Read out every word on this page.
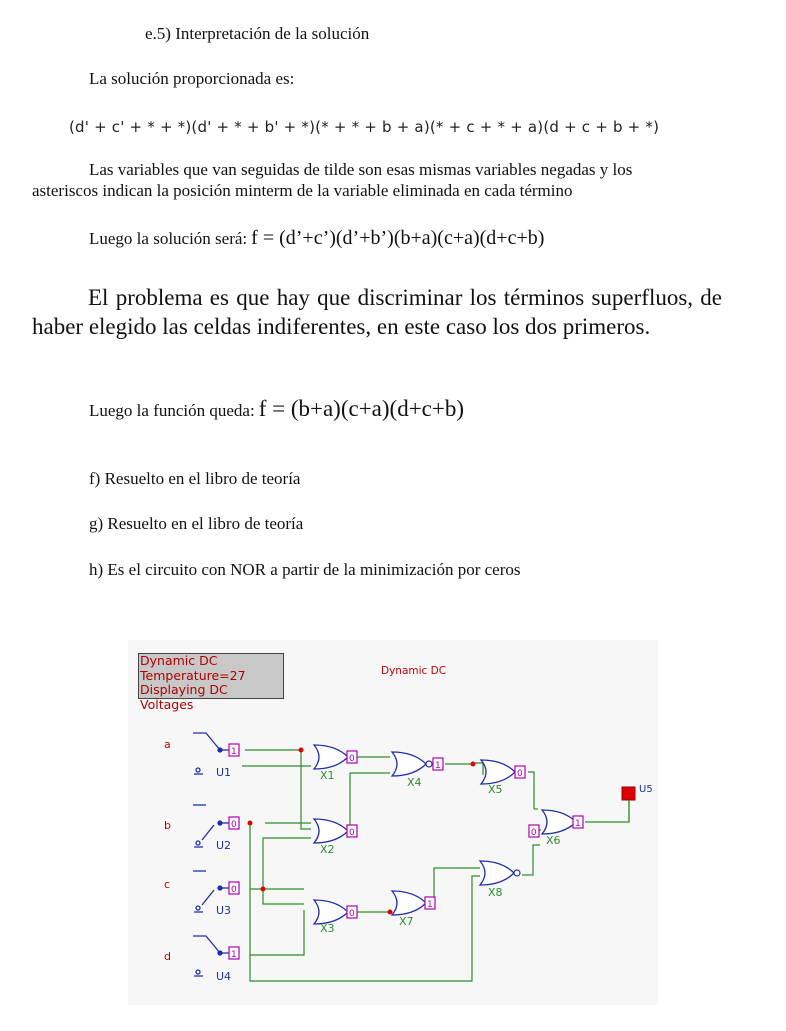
e.5) Interpretación de la solución
La solución proporcionada es:
(d' + c' + * + *)(d' + * + b' + *)(* + * + b + a)(* + c + * + a)(d + c + b + *)
Las variables que van seguidas de tilde son esas mismas variables negadas y los
asteriscos indican la posición minterm de la variable eliminada en cada término
Luego la solución será: f = (d’+c’)(d’+b’)(b+a)(c+a)(d+c+b)
El problema es que hay que discriminar los términos superfluos, de haber elegido las celdas indiferentes, en este caso los dos primeros.
Luego la función queda: f = (b+a)(c+a)(d+c+b)
f) Resuelto en el libro de teoría
g) Resuelto en el libro de teoría
h) Es el circuito con NOR a partir de la minimización por ceros
a
b
c
d
U1
U2
U3
U4
1
0
0
1
0
0
0
1
0
1
0
1
X1
X2
X3
X4
X5
X6
X7
X8
U5
Dynamic DC
Dynamic DC
Temperature=27
Displaying DC Voltages
